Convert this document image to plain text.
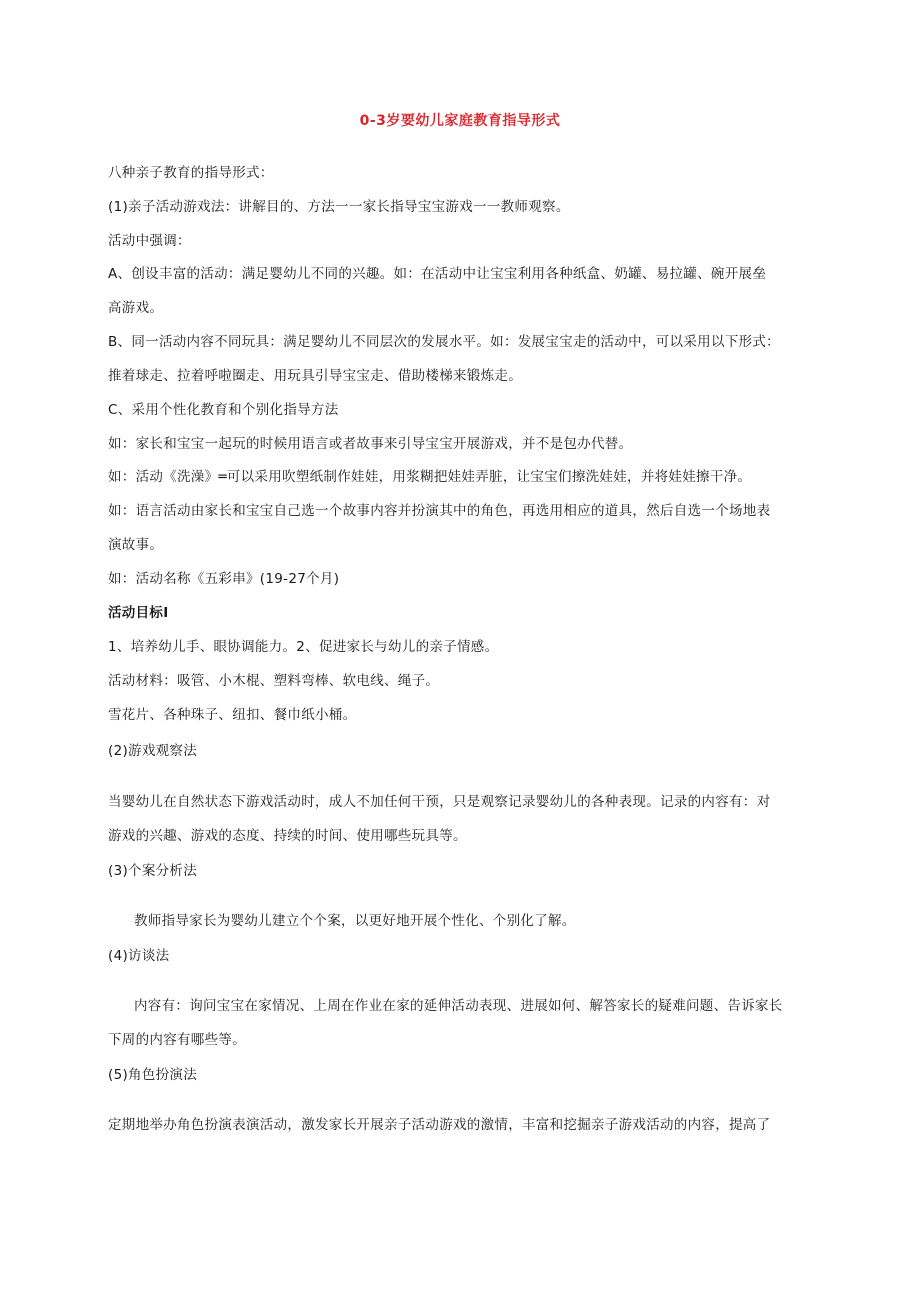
0-3岁要幼儿家庭教育指导形式
八种亲子教育的指导形式：
(1)亲子活动游戏法：讲解目的、方法一一家长指导宝宝游戏一一教师观察。
活动中强调：
A、创设丰富的活动：满足婴幼儿不同的兴趣。如：在活动中让宝宝利用各种纸盒、奶罐、易拉罐、碗开展垒
高游戏。
B、同一活动内容不同玩具：满足婴幼儿不同层次的发展水平。如：发展宝宝走的活动中，可以采用以下形式：
推着球走、拉着呼啦圈走、用玩具引导宝宝走、借助楼梯来锻炼走。
C、采用个性化教育和个别化指导方法
如：家长和宝宝一起玩的时候用语言或者故事来引导宝宝开展游戏，并不是包办代替。
如：活动《洗澡》═可以采用吹塑纸制作娃娃，用浆糊把娃娃弄脏，让宝宝们擦洗娃娃，并将娃娃擦干净。
如：语言活动由家长和宝宝自己选一个故事内容并扮演其中的角色，再选用相应的道具，然后自选一个场地表
演故事。
如：活动名称《五彩串》(19-27个月)
活动目标I
1、培养幼儿手、眼协调能力。2、促进家长与幼儿的亲子情感。
活动材料：吸管、小木棍、塑料弯棒、软电线、绳子。
雪花片、各种珠子、纽扣、餐巾纸小桶。
(2)游戏观察法
当婴幼儿在自然状态下游戏活动时，成人不加任何干预，只是观察记录婴幼儿的各种表现。记录的内容有：对
游戏的兴趣、游戏的态度、持续的时间、使用哪些玩具等。
(3)个案分析法
教师指导家长为婴幼儿建立个个案，以更好地开展个性化、个别化了解。
(4)访谈法
内容有：询问宝宝在家情况、上周在作业在家的延伸活动表现、进展如何、解答家长的疑难问题、告诉家长
下周的内容有哪些等。
(5)角色扮演法
定期地举办角色扮演表演活动，激发家长开展亲子活动游戏的激情，丰富和挖掘亲子游戏活动的内容，提高了
